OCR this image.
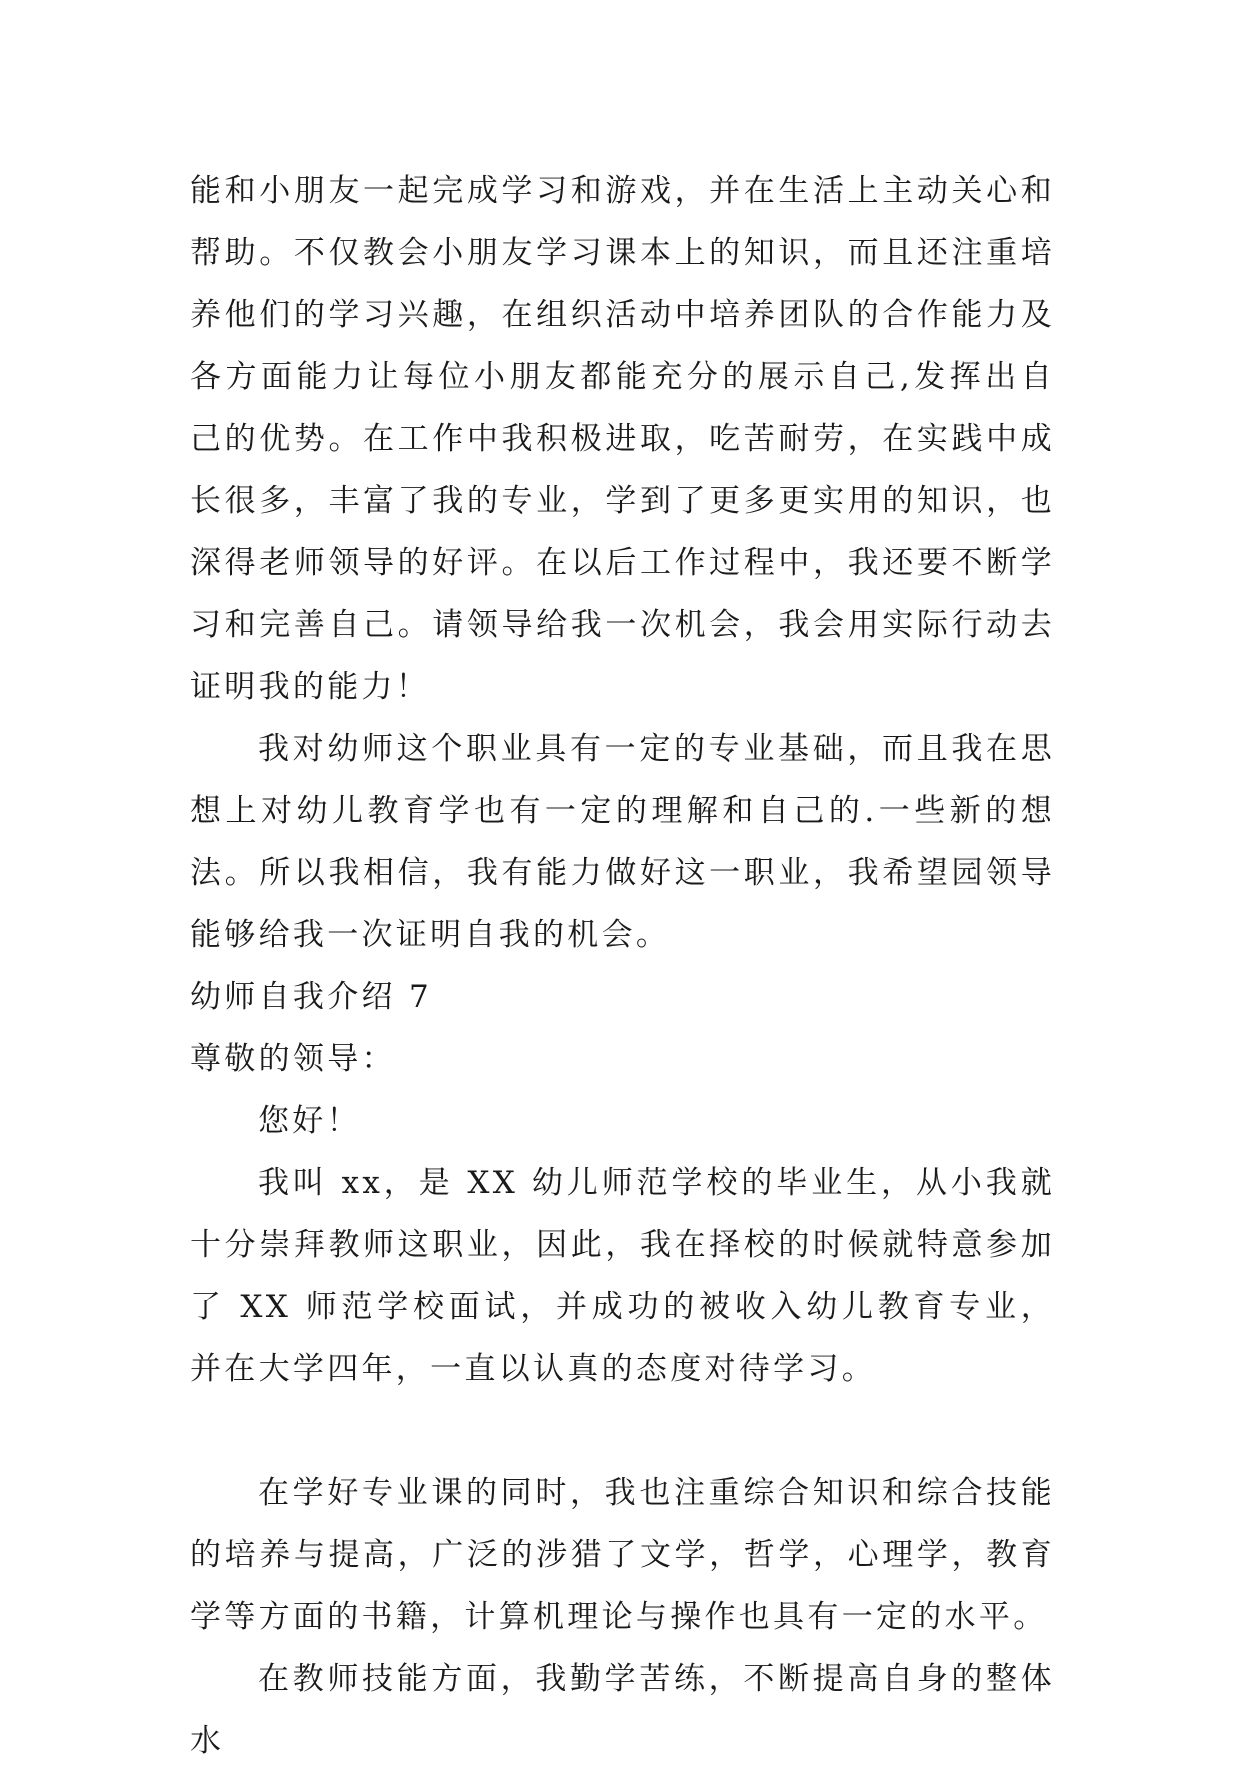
能和小朋友一起完成学习和游戏，并在生活上主动关心和帮助。不仅教会小朋友学习课本上的知识，而且还注重培养他们的学习兴趣，在组织活动中培养团队的合作能力及各方面能力让每位小朋友都能充分的展示自己,发挥出自己的优势。在工作中我积极进取，吃苦耐劳，在实践中成长很多，丰富了我的专业，学到了更多更实用的知识，也深得老师领导的好评。在以后工作过程中，我还要不断学习和完善自己。请领导给我一次机会，我会用实际行动去证明我的能力！

我对幼师这个职业具有一定的专业基础，而且我在思想上对幼儿教育学也有一定的理解和自己的.一些新的想法。所以我相信，我有能力做好这一职业，我希望园领导能够给我一次证明自我的机会。

幼师自我介绍 7

尊敬的领导：

您好！

我叫 xx，是 XX 幼儿师范学校的毕业生，从小我就十分崇拜教师这职业，因此，我在择校的时候就特意参加了 XX 师范学校面试，并成功的被收入幼儿教育专业，并在大学四年，一直以认真的态度对待学习。

在学好专业课的同时，我也注重综合知识和综合技能的培养与提高，广泛的涉猎了文学，哲学，心理学，教育学等方面的书籍，计算机理论与操作也具有一定的水平。

在教师技能方面，我勤学苦练，不断提高自身的整体水
